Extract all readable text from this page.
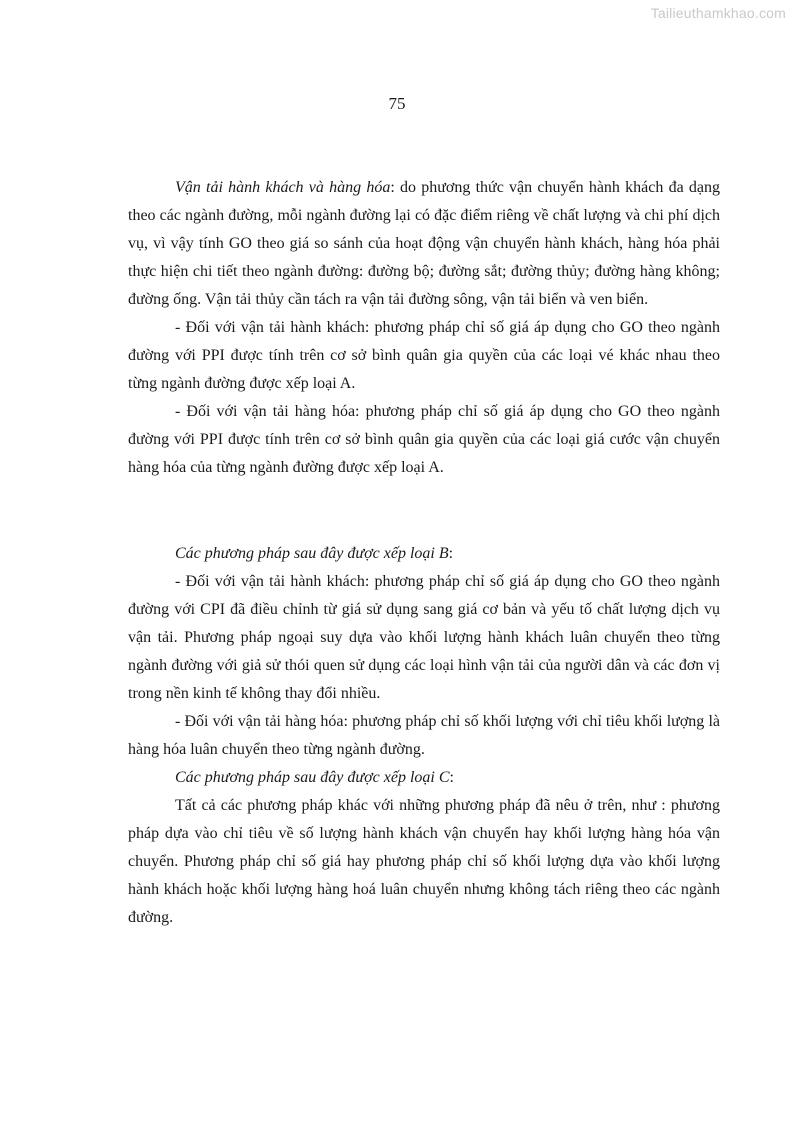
Tailieuthamkhao.com
75

Vận tải hành khách và hàng hóa: do phương thức vận chuyển hành khách đa dạng theo các ngành đường, mỗi ngành đường lại có đặc điểm riêng về chất lượng và chi phí dịch vụ, vì vậy tính GO theo giá so sánh của hoạt động vận chuyển hành khách, hàng hóa phải thực hiện chi tiết theo ngành đường: đường bộ; đường sắt; đường thủy; đường hàng không; đường ống. Vận tải thủy cần tách ra vận tải đường sông, vận tải biển và ven biển.

- Đối với vận tải hành khách: phương pháp chỉ số giá áp dụng cho GO theo ngành đường với PPI được tính trên cơ sở bình quân gia quyền của các loại vé khác nhau theo từng ngành đường được xếp loại A.

- Đối với vận tải hàng hóa: phương pháp chỉ số giá áp dụng cho GO theo ngành đường với PPI được tính trên cơ sở bình quân gia quyền của các loại giá cước vận chuyển hàng hóa của từng ngành đường được xếp loại A.

Các phương pháp sau đây được xếp loại B:

- Đối với vận tải hành khách: phương pháp chỉ số giá áp dụng cho GO theo ngành đường với CPI đã điều chỉnh từ giá sử dụng sang giá cơ bản và yếu tố chất lượng dịch vụ vận tải. Phương pháp ngoại suy dựa vào khối lượng hành khách luân chuyển theo từng ngành đường với giả sử thói quen sử dụng các loại hình vận tải của người dân và các đơn vị trong nền kinh tế không thay đổi nhiều.

- Đối với vận tải hàng hóa: phương pháp chỉ số khối lượng với chỉ tiêu khối lượng là hàng hóa luân chuyển theo từng ngành đường.

Các phương pháp sau đây được xếp loại C:

Tất cả các phương pháp khác với những phương pháp đã nêu ở trên, như : phương pháp dựa vào chỉ tiêu về số lượng hành khách vận chuyển hay khối lượng hàng hóa vận chuyển. Phương pháp chỉ số giá hay phương pháp chỉ số khối lượng dựa vào khối lượng hành khách hoặc khối lượng hàng hoá luân chuyển nhưng không tách riêng theo các ngành đường.
